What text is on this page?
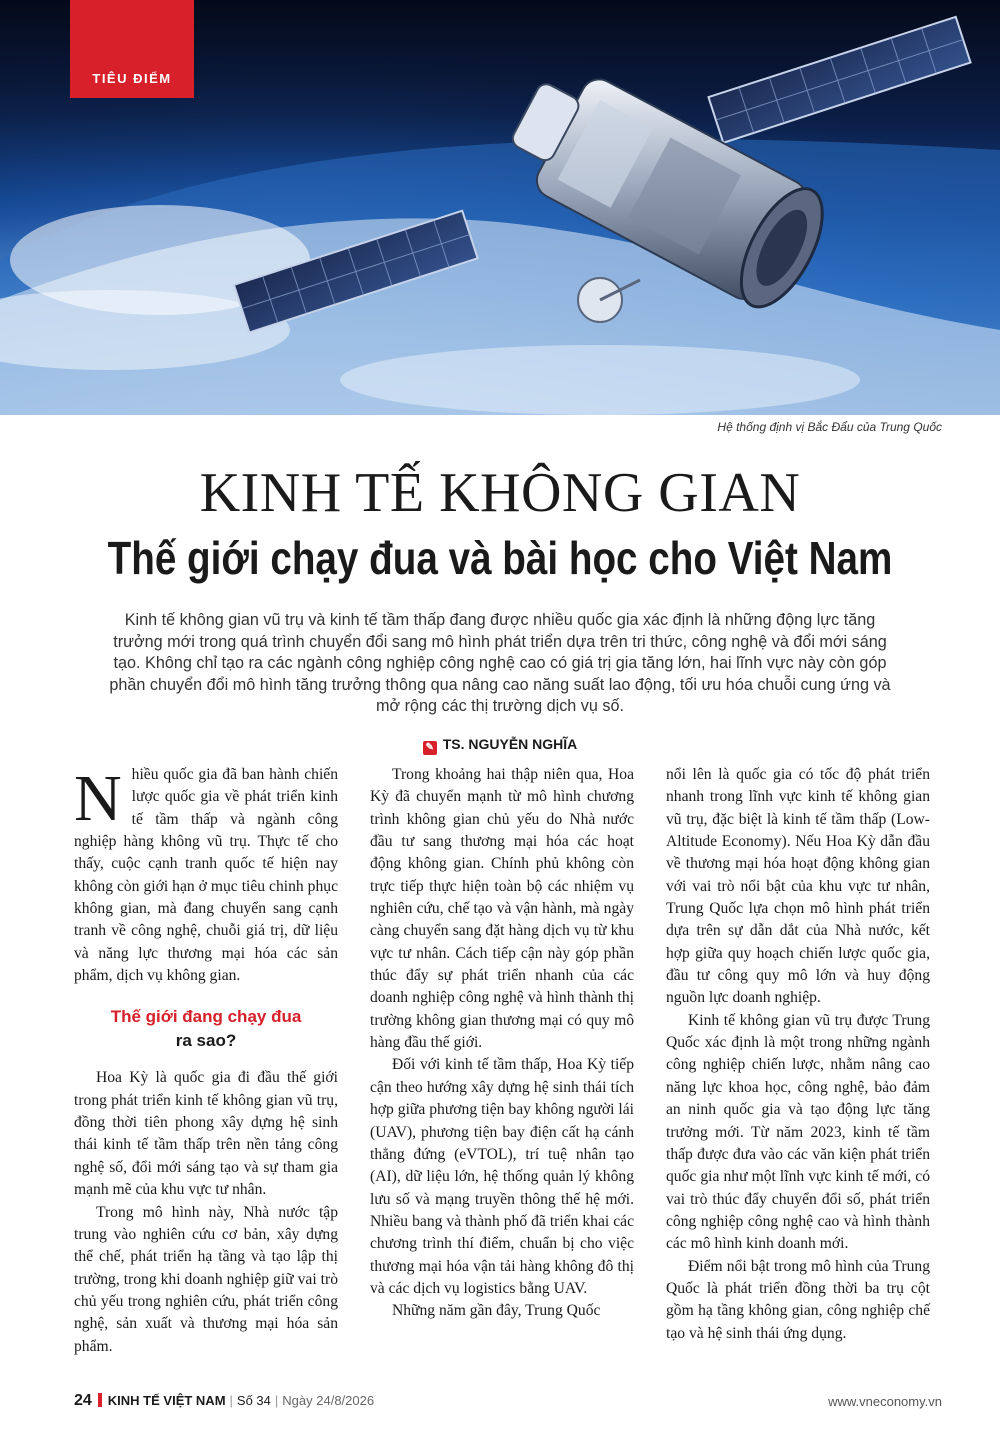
TIÊU ĐIỂM
Hệ thống định vị Bắc Đẩu của Trung Quốc
KINH TẾ KHÔNG GIAN
Thế giới chạy đua và bài học cho Việt Nam
Kinh tế không gian vũ trụ và kinh tế tầm thấp đang được nhiều quốc gia xác định là những động lực tăng trưởng mới trong quá trình chuyển đổi sang mô hình phát triển dựa trên tri thức, công nghệ và đổi mới sáng tạo. Không chỉ tạo ra các ngành công nghiệp công nghệ cao có giá trị gia tăng lớn, hai lĩnh vực này còn góp phần chuyển đổi mô hình tăng trưởng thông qua nâng cao năng suất lao động, tối ưu hóa chuỗi cung ứng và mở rộng các thị trường dịch vụ số.
✎ TS. NGUYỄN NGHĨA

Nhiều quốc gia đã ban hành chiến lược quốc gia về phát triển kinh tế tầm thấp và ngành công nghiệp hàng không vũ trụ. Thực tế cho thấy, cuộc cạnh tranh quốc tế hiện nay không còn giới hạn ở mục tiêu chinh phục không gian, mà đang chuyển sang cạnh tranh về công nghệ, chuỗi giá trị, dữ liệu và năng lực thương mại hóa các sản phẩm, dịch vụ không gian.

Thế giới đang chạy đua
ra sao?

Hoa Kỳ là quốc gia đi đầu thế giới trong phát triển kinh tế không gian vũ trụ, đồng thời tiên phong xây dựng hệ sinh thái kinh tế tầm thấp trên nền tảng công nghệ số, đổi mới sáng tạo và sự tham gia mạnh mẽ của khu vực tư nhân.

Trong mô hình này, Nhà nước tập trung vào nghiên cứu cơ bản, xây dựng thể chế, phát triển hạ tầng và tạo lập thị trường, trong khi doanh nghiệp giữ vai trò chủ yếu trong nghiên cứu, phát triển công nghệ, sản xuất và thương mại hóa sản phẩm.

Trong khoảng hai thập niên qua, Hoa Kỳ đã chuyển mạnh từ mô hình chương trình không gian chủ yếu do Nhà nước đầu tư sang thương mại hóa các hoạt động không gian. Chính phủ không còn trực tiếp thực hiện toàn bộ các nhiệm vụ nghiên cứu, chế tạo và vận hành, mà ngày càng chuyển sang đặt hàng dịch vụ từ khu vực tư nhân. Cách tiếp cận này góp phần thúc đẩy sự phát triển nhanh của các doanh nghiệp công nghệ và hình thành thị trường không gian thương mại có quy mô hàng đầu thế giới.

Đối với kinh tế tầm thấp, Hoa Kỳ tiếp cận theo hướng xây dựng hệ sinh thái tích hợp giữa phương tiện bay không người lái (UAV), phương tiện bay điện cất hạ cánh thẳng đứng (eVTOL), trí tuệ nhân tạo (AI), dữ liệu lớn, hệ thống quản lý không lưu số và mạng truyền thông thế hệ mới. Nhiều bang và thành phố đã triển khai các chương trình thí điểm, chuẩn bị cho việc thương mại hóa vận tải hàng không đô thị và các dịch vụ logistics bằng UAV.

Những năm gần đây, Trung Quốc

nổi lên là quốc gia có tốc độ phát triển nhanh trong lĩnh vực kinh tế không gian vũ trụ, đặc biệt là kinh tế tầm thấp (Low-Altitude Economy). Nếu Hoa Kỳ dẫn đầu về thương mại hóa hoạt động không gian với vai trò nổi bật của khu vực tư nhân, Trung Quốc lựa chọn mô hình phát triển dựa trên sự dẫn dắt của Nhà nước, kết hợp giữa quy hoạch chiến lược quốc gia, đầu tư công quy mô lớn và huy động nguồn lực doanh nghiệp.

Kinh tế không gian vũ trụ được Trung Quốc xác định là một trong những ngành công nghiệp chiến lược, nhằm nâng cao năng lực khoa học, công nghệ, bảo đảm an ninh quốc gia và tạo động lực tăng trưởng mới. Từ năm 2023, kinh tế tầm thấp được đưa vào các văn kiện phát triển quốc gia như một lĩnh vực kinh tế mới, có vai trò thúc đẩy chuyển đổi số, phát triển công nghiệp công nghệ cao và hình thành các mô hình kinh doanh mới.

Điểm nổi bật trong mô hình của Trung Quốc là phát triển đồng thời ba trụ cột gồm hạ tầng không gian, công nghiệp chế tạo và hệ sinh thái ứng dụng.

24 KINH TẾ VIỆT NAM | Số 34 | Ngày 24/8/2026	www.vneconomy.vn
